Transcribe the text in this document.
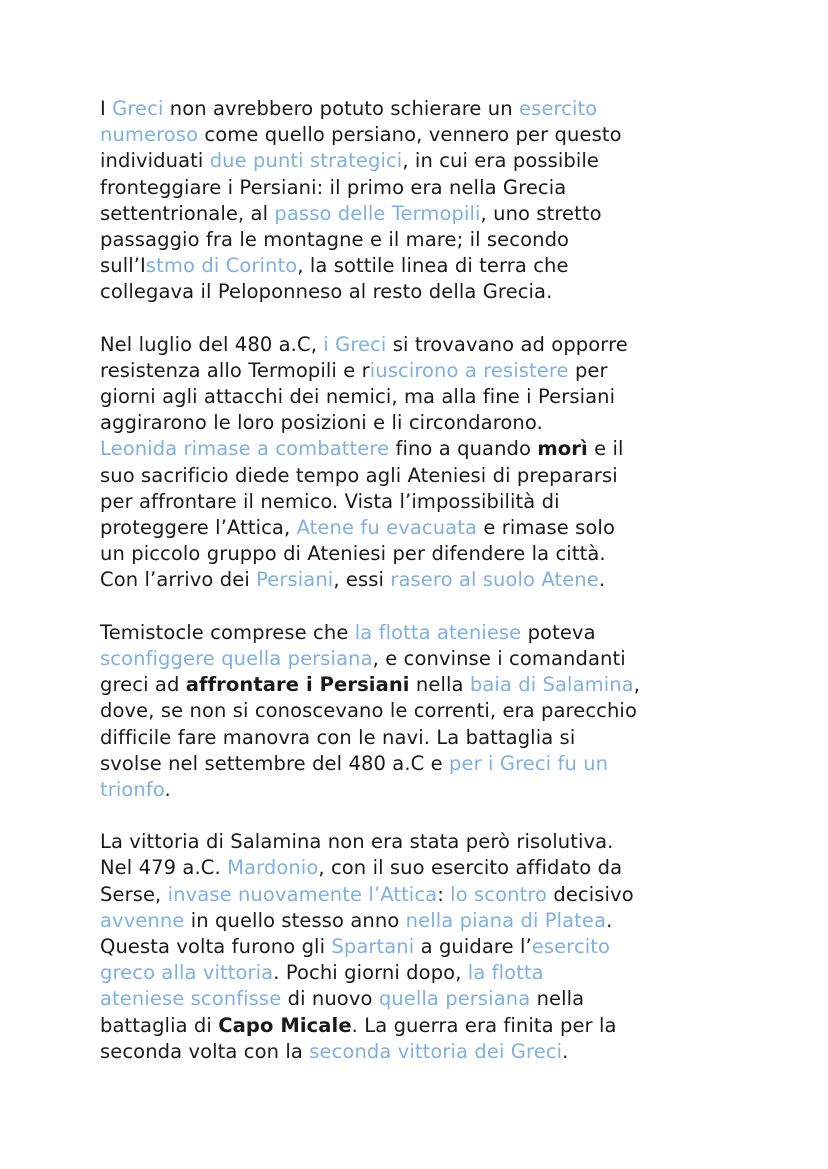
I Greci non avrebbero potuto schierare un esercito
numeroso come quello persiano, vennero per questo
individuati due punti strategici, in cui era possibile
fronteggiare i Persiani: il primo era nella Grecia
settentrionale, al passo delle Termopili, uno stretto
passaggio fra le montagne e il mare; il secondo
sull’Istmo di Corinto, la sottile linea di terra che
collegava il Peloponneso al resto della Grecia.
Nel luglio del 480 a.C, i Greci si trovavano ad opporre
resistenza allo Termopili e riuscirono a resistere per
giorni agli attacchi dei nemici, ma alla fine i Persiani
aggirarono le loro posizioni e li circondarono.
Leonida rimase a combattere fino a quando morì e il
suo sacrificio diede tempo agli Ateniesi di prepararsi
per affrontare il nemico. Vista l’impossibilità di
proteggere l’Attica, Atene fu evacuata e rimase solo
un piccolo gruppo di Ateniesi per difendere la città.
Con l’arrivo dei Persiani, essi rasero al suolo Atene.
Temistocle comprese che la flotta ateniese poteva
sconfiggere quella persiana, e convinse i comandanti
greci ad affrontare i Persiani nella baia di Salamina,
dove, se non si conoscevano le correnti, era parecchio
difficile fare manovra con le navi. La battaglia si
svolse nel settembre del 480 a.C e per i Greci fu un
trionfo.
La vittoria di Salamina non era stata però risolutiva.
Nel 479 a.C. Mardonio, con il suo esercito affidato da
Serse, invase nuovamente l’Attica: lo scontro decisivo
avvenne in quello stesso anno nella piana di Platea.
Questa volta furono gli Spartani a guidare l’esercito
greco alla vittoria. Pochi giorni dopo, la flotta
ateniese sconfisse di nuovo quella persiana nella
battaglia di Capo Micale. La guerra era finita per la
seconda volta con la seconda vittoria dei Greci.
